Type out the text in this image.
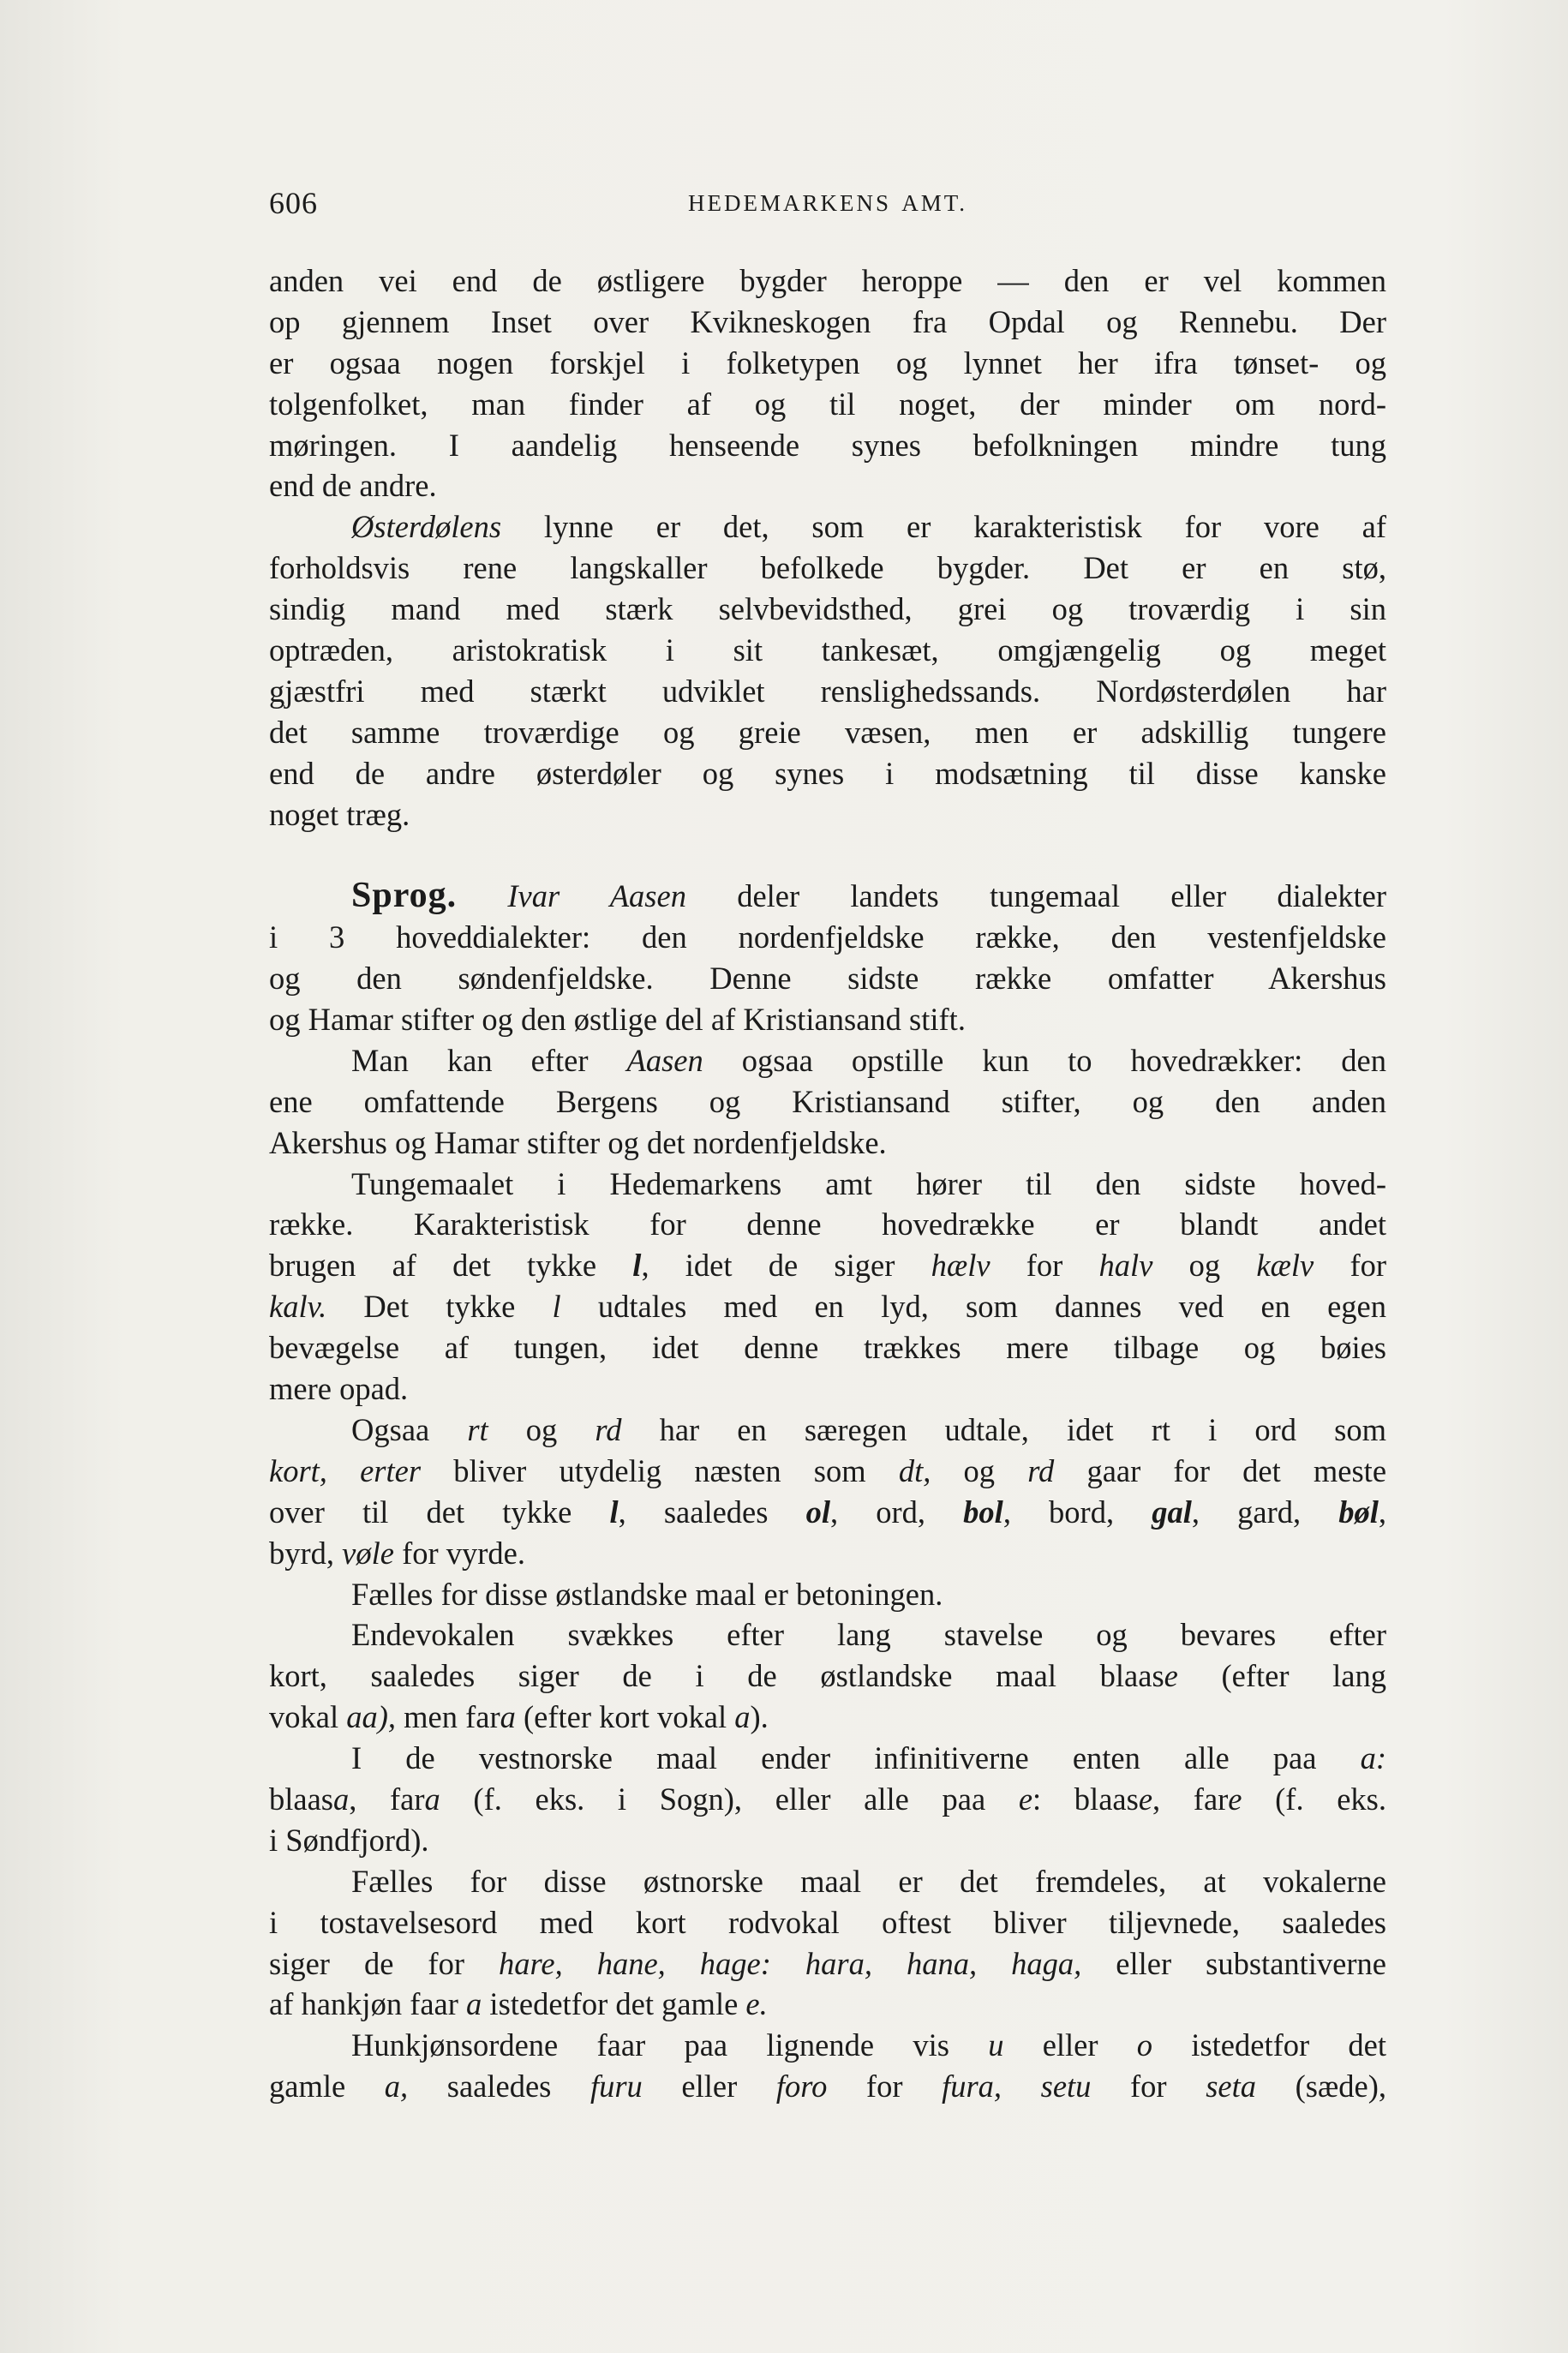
606	HEDEMARKENS AMT.
anden vei end de østligere bygder heroppe — den er vel kommen
op gjennem Inset over Kvikneskogen fra Opdal og Rennebu. Der
er ogsaa nogen forskjel i folketypen og lynnet her ifra tønset- og
tolgenfolket, man finder af og til noget, der minder om nord-
møringen. I aandelig henseende synes befolkningen mindre tung
end de andre.
Østerdølens lynne er det, som er karakteristisk for vore af
forholdsvis rene langskaller befolkede bygder. Det er en stø,
sindig mand med stærk selvbevidsthed, grei og troværdig i sin
optræden, aristokratisk i sit tankesæt, omgjængelig og meget
gjæstfri med stærkt udviklet renslighedssands. Nordøsterdølen har
det samme troværdige og greie væsen, men er adskillig tungere
end de andre østerdøler og synes i modsætning til disse kanske
noget træg.
Sprog. Ivar Aasen deler landets tungemaal eller dialekter
i 3 hoveddialekter: den nordenfjeldske række, den vestenfjeldske
og den søndenfjeldske. Denne sidste række omfatter Akershus
og Hamar stifter og den østlige del af Kristiansand stift.
Man kan efter Aasen ogsaa opstille kun to hovedrækker: den
ene omfattende Bergens og Kristiansand stifter, og den anden
Akershus og Hamar stifter og det nordenfjeldske.
Tungemaalet i Hedemarkens amt hører til den sidste hoved-
række. Karakteristisk for denne hovedrække er blandt andet
brugen af det tykke l, idet de siger hælv for halv og kælv for
kalv. Det tykke l udtales med en lyd, som dannes ved en egen
bevægelse af tungen, idet denne trækkes mere tilbage og bøies
mere opad.
Ogsaa rt og rd har en særegen udtale, idet rt i ord som
kort, erter bliver utydelig næsten som dt, og rd gaar for det meste
over til det tykke l, saaledes ol, ord, bol, bord, gal, gard, bøl,
byrd, vøle for vyrde.
Fælles for disse østlandske maal er betoningen.
Endevokalen svækkes efter lang stavelse og bevares efter
kort, saaledes siger de i de østlandske maal blaase (efter lang
vokal aa), men fara (efter kort vokal a).
I de vestnorske maal ender infinitiverne enten alle paa a:
blaasa, fara (f. eks. i Sogn), eller alle paa e: blaase, fare (f. eks.
i Søndfjord).
Fælles for disse østnorske maal er det fremdeles, at vokalerne
i tostavelsesord med kort rodvokal oftest bliver tiljevnede, saaledes
siger de for hare, hane, hage: hara, hana, haga, eller substantiverne
af hankjøn faar a istedetfor det gamle e.
Hunkjønsordene faar paa lignende vis u eller o istedetfor det
gamle a, saaledes furu eller foro for fura, setu for seta (sæde),
